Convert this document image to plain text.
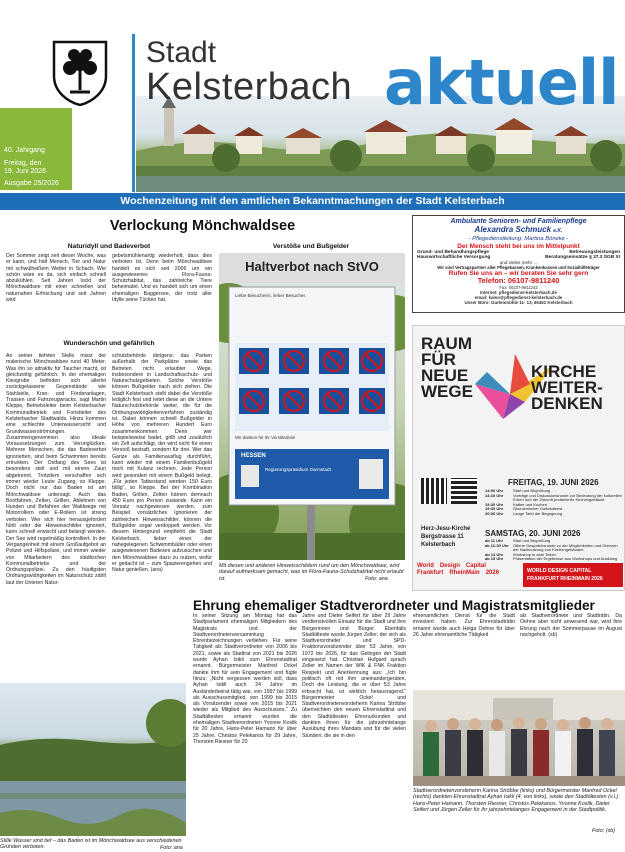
40. Jahrgang
Freitag, den
19. Juni 2026
Ausgabe 25/2026
Stadt
Kelsterbach aktuell
Wochenzeitung mit den amtlichen Bekanntmachungen der Stadt Kelsterbach
Verlockung Mönchwaldsee
Naturidyll und Badeverbot
Der Sommer zeigt seit dieser Woche, was er kann, und hält Mensch, Tier und Natur mit schwülheißem Wetter in Schach. Wie schön wäre es da, sich einfach schnell abzukühlen. Seit Jahren lockt der Mönchwaldsee mit einer schnellen und naturnahen Erfrischung und seit Jahren wird
gebetsmühlenartig wiederholt, dass dies verboten ist. Denn beim Mönchwaldsee handelt es sich seit 2006 um ein ausgewiesenes Flora-Fauna-Schutzhabitat, das zahlreiche Tiere beheimatet. Und es handelt sich um einen ehemaligen Baggersee, der trotz aller Idylle seine Tücken hat.
Wunderschön und gefährlich
An seiner tiefsten Stelle misst der malerische Mönchwaldsee rund 40 Meter. Was ihn so attraktiv für Taucher macht, ist gleichzeitig gefährlich. In der ehemaligen Kiesgrube befinden sich allerlei zurückgelassene Gegenstände wie Stahlseile, Kran- und Förderanlagen, Trassen und Fahrzeugwracks, sagt Martin Kleppe, Betriebsleiter beim Kelsterbacher Kommunalbetrieb und Fortstleiter des Kelsterbacher Stadtwalds. Hinzu kommen eine schlechte Unterwassersicht und Grundwasserströmungen. Zusammengenommen also ideale Voraussetzungen zum Verunglücken. Mehrere Menschen, die das Badeverbot ignorierten, sind beim Schwimmen bereits ertrunken. Der Ostfang des Sees ist besonders steil und mit einem Zaun abgetrennt. Trotzdem verschaffen sich immer wieder Leute Zugang, so Kleppe. Doch nicht nur das Baden ist am Mönchwaldsee untersagt. Auch das Bootfahren, Zelten, Grillen, Ablehnen von Hunden und Befahren der Waldwege mit Motorrollern oder E-Rollern ist streng verboten. Wer sich hier herausgefordert fühlt oder die Hinweisschilder ignoriert, kann schnell erwischt und belangt werden. Der See wird regelmäßig kontrolliert. In der Vergangenheit mit einem Großaufgebot an Polizei und Hilfspolizei, und immer wieder von Mitarbeitern des städtischen Kommunalbetriebs und der Ordnungspolizei. Zu den häufigsten Ordnungswidrigkeiten im Naturschutz zählt laut der Unteren Natur-
schutzbehörde übrigens: das Parken außerhalb der Parkplätze sowie das Betreten nicht erlaubter Wege, insbesondere in Landschaftsschutz- und Naturschutzgebieten. Solche Verstöße können Bußgelder nach sich ziehen. Die Stadt Kelsterbach stellt dabei die Verstöße lediglich fest und leitet diese an die Untere Naturschutzbehörde weiter, die für die Ordnungswidrigkeitenverfahren zuständig ist. Dabei können schnell Bußgelder in Höhe von mehreren Hundert Euro zusammenkommen. Denn wer beispielsweise badet, grillt und zusätzlich ein Zelt aufschlägt, der wird nicht für einen Verstoß bestraft, sondern für drei. Wer das Ganze als Familienausflug durchführt, kann wieder mit einem Familienbußgeld noch mit Kulanz rechnen. Jede Person wird gesondert mit einem Bußgeld belegt. „Für jeden Tatbestand werden 150 Euro fällig“, so Kleppe. Bei der Kombination Baden, Grillen, Zelten kämen demnach 450 Euro pro Person zustande. Kann ein Vorsatz nachgewiesen werden, zum Beispiel vorsätzliches Ignorieren der zahlreichen Hinweisschilder, können die Bußgelder sogar verdoppelt werden. Vor diesem Hintergrund empfiehlt die Stadt Kelsterbach, lieber eines der nahegelegenen Schwimmbäder oder einen ausgewiesenen Badesee aufzusuchen und den Mönchwaldsee dazu zu nutzen, wofür er gedacht ist – zum Spazierengehen und Natur genießen. (ana)
Verstöße und Bußgelder
Haltverbot nach StVO
Liebe Besucherin, lieber Besucher,
Wir danken für Ihr Verständnis!
HESSEN
Regierungspräsidium Darmstadt
Mit diesen und anderen Hinweisschildern rund um den Mönchwaldsee, wird darauf aufmerksam gemacht, was im Flora-Fauna-Schutzhabitat nicht erlaubt ist.	Foto: ana
Stille Wasser sind tief – das Baden ist im Mönchwaldsee aus verschiedenen Gründen verboten.	Foto: ana
Ehrung ehemaliger Stadtverordneter und Magistratsmitglieder
In seiner Sitzung am Montag hat das Stadtparlament ehemaligen Mitgliedern des Magistrats und der Stadtverordnetenversammlung Ehrenbezeichnungen verliehen. Für seine Tätigkeit als Stadtverordneter von 2006 bis 2021, sowie als Stadtrat von 2021 bis 2026 wurde Ayhan Isikli zum Ehrenstadtrat ernannt. Bürgermeister Manfred Ockel dankte ihm für sein Engagement und fügte hinzu: „Nicht vergessen werden soll, dass Ayhan Isikli auch 24 Jahre im Ausländerbeirat tätig war, von 1997 bis 1999 als Ausschussmitglied, von 1999 bis 2015 als Vorsitzender sowie von 2015 bis 2021 wieder als Mitglied des Ausschusses.“ Zu Stadtältesten ernannt wurden die ehemaligen Stadtverordneten Yvonne Koslik für 20 Jahre, Hans-Peter Hamann für über 25 Jahre, Christos Pelekanos für 29 Jahre, Thorsten Riesner für 20
Jahre und Dieter Seifert für über 29 Jahre verdienstvollen Einsatz für die Stadt und ihre Bürgerinnen und Bürger. Ebenfalls Stadtälteste wurde Jürgen Zeller, der sich als Stadtverordneter und SPD-Fraktionsvorsitzender über 53 Jahre, von 1972 bis 2026, für das Gelingen der Stadt eingesetzt hat. Christian Hufgard sprach Zeller im Namen der WIK & FNK Fraktion Respekt und Anerkennung aus: „Ich bin politisch oft mit ihm aneinandergeraten. Doch die Leistung, die er über 53 Jahre erbracht hat, ist wirklich herausragend.“ Bürgermeister Ockel und Stadtverordnetenvorsteherin Karina Ströbbe überreichten den neuen Ehrenstadtrat und den Stadtältesten Ehrenurkunden und dankten ihnen für die jahrzehntelange Ausübung ihres Mandats und für die vielen Stunden, die sie in den
ehrenamtlichen Dienst für die Stadt investiert haben. Zur Ehrenstadträtin ernannt wurde auch Helga Oehne für über 26 Jahre ehrenamtliche Tätigkeit
als Stadtverordnete und Stadträtin. Da Oehne aber nicht anwesend war, wird ihre Ehrung nach der Sommerpause im August nachgeholt. (sb)
Stadtverordnetenvorsteherin Karina Ströbbe (links) und Bürgermeister Manfred Ockel (rechts) dankten Ehrenstadtrat Ayhan Isikli (4. von links), sowie den Stadtältesten (v.l.) Hans-Peter Hamann, Thorsten Riesner, Christos Pelekanos, Yvonne Koslik, Dieter Seifert und Jürgen Zeller für ihr jahrzehntelanges Engagement in der Stadtpolitik.
Foto: (sb)
Ambulante Senioren- und Familienpflege
Alexandra Schmuck e.K.
- Pflegedienstleitung: Martina Böneke -
Der Mensch steht bei uns im Mittelpunkt
Grund- und Behandlungspflege	Betreuungsleistungen
Hauswirtschaftliche Versorgung	Beratungseinsätze § 37.3 SGB XI
und vieles mehr ...
Wir sind Vertragspartner aller Pflegekassen, Krankenkassen und Sozialhilfeträger
Rufen Sie uns an – wir beraten Sie sehr gern
Telefon: 06107-9811240
Fax: 06107-9811242
Internet: pflegedienst-kelsterbach.de
email: kalso@pflegedienst-kelsterbach.de
Unser Büro: Gartenmühle 11- 13, 65451 Kelsterbach
RAUM
FÜR
NEUE
WEGE
KIRCHE
WEITER-
DENKEN
Herz-Jesu-Kirche
Bergstrasse 11
Kelsterbach
FREITAG, 19. JUNI 2026
14:00 Uhr	Start und Begrüßung
14:10 Uhr	Vorträge und Diskussionsrunde zur Bedeutung der kulturellen Erben und der Zukunft profanierter Kirchengebäude
15:30 Uhr	Kaffee und Kuchen
19:30 Uhr	Ökumenischer Gottesdienst
20:00 Uhr	Lange Tafel der Begegnung
SAMSTAG, 20. JUNI 2026
ab 11 Uhr	Start und Begrüßung
ab 11:30 Uhr Offene Gesprächsrunde zu der Möglichkeiten und Grenzen der Nachnutzung von Kirchengebäuden
ab 13 Uhr	Workshop in zwei Teilen
ab 15 Uhr	Präsentation der Ergebnisse aus Workshops und Ausklang
World Design Capital
Frankfurt RheinMain 2026	WORLD DESIGN CAPITAL
FRANKFURT RHEINMAIN 2026
